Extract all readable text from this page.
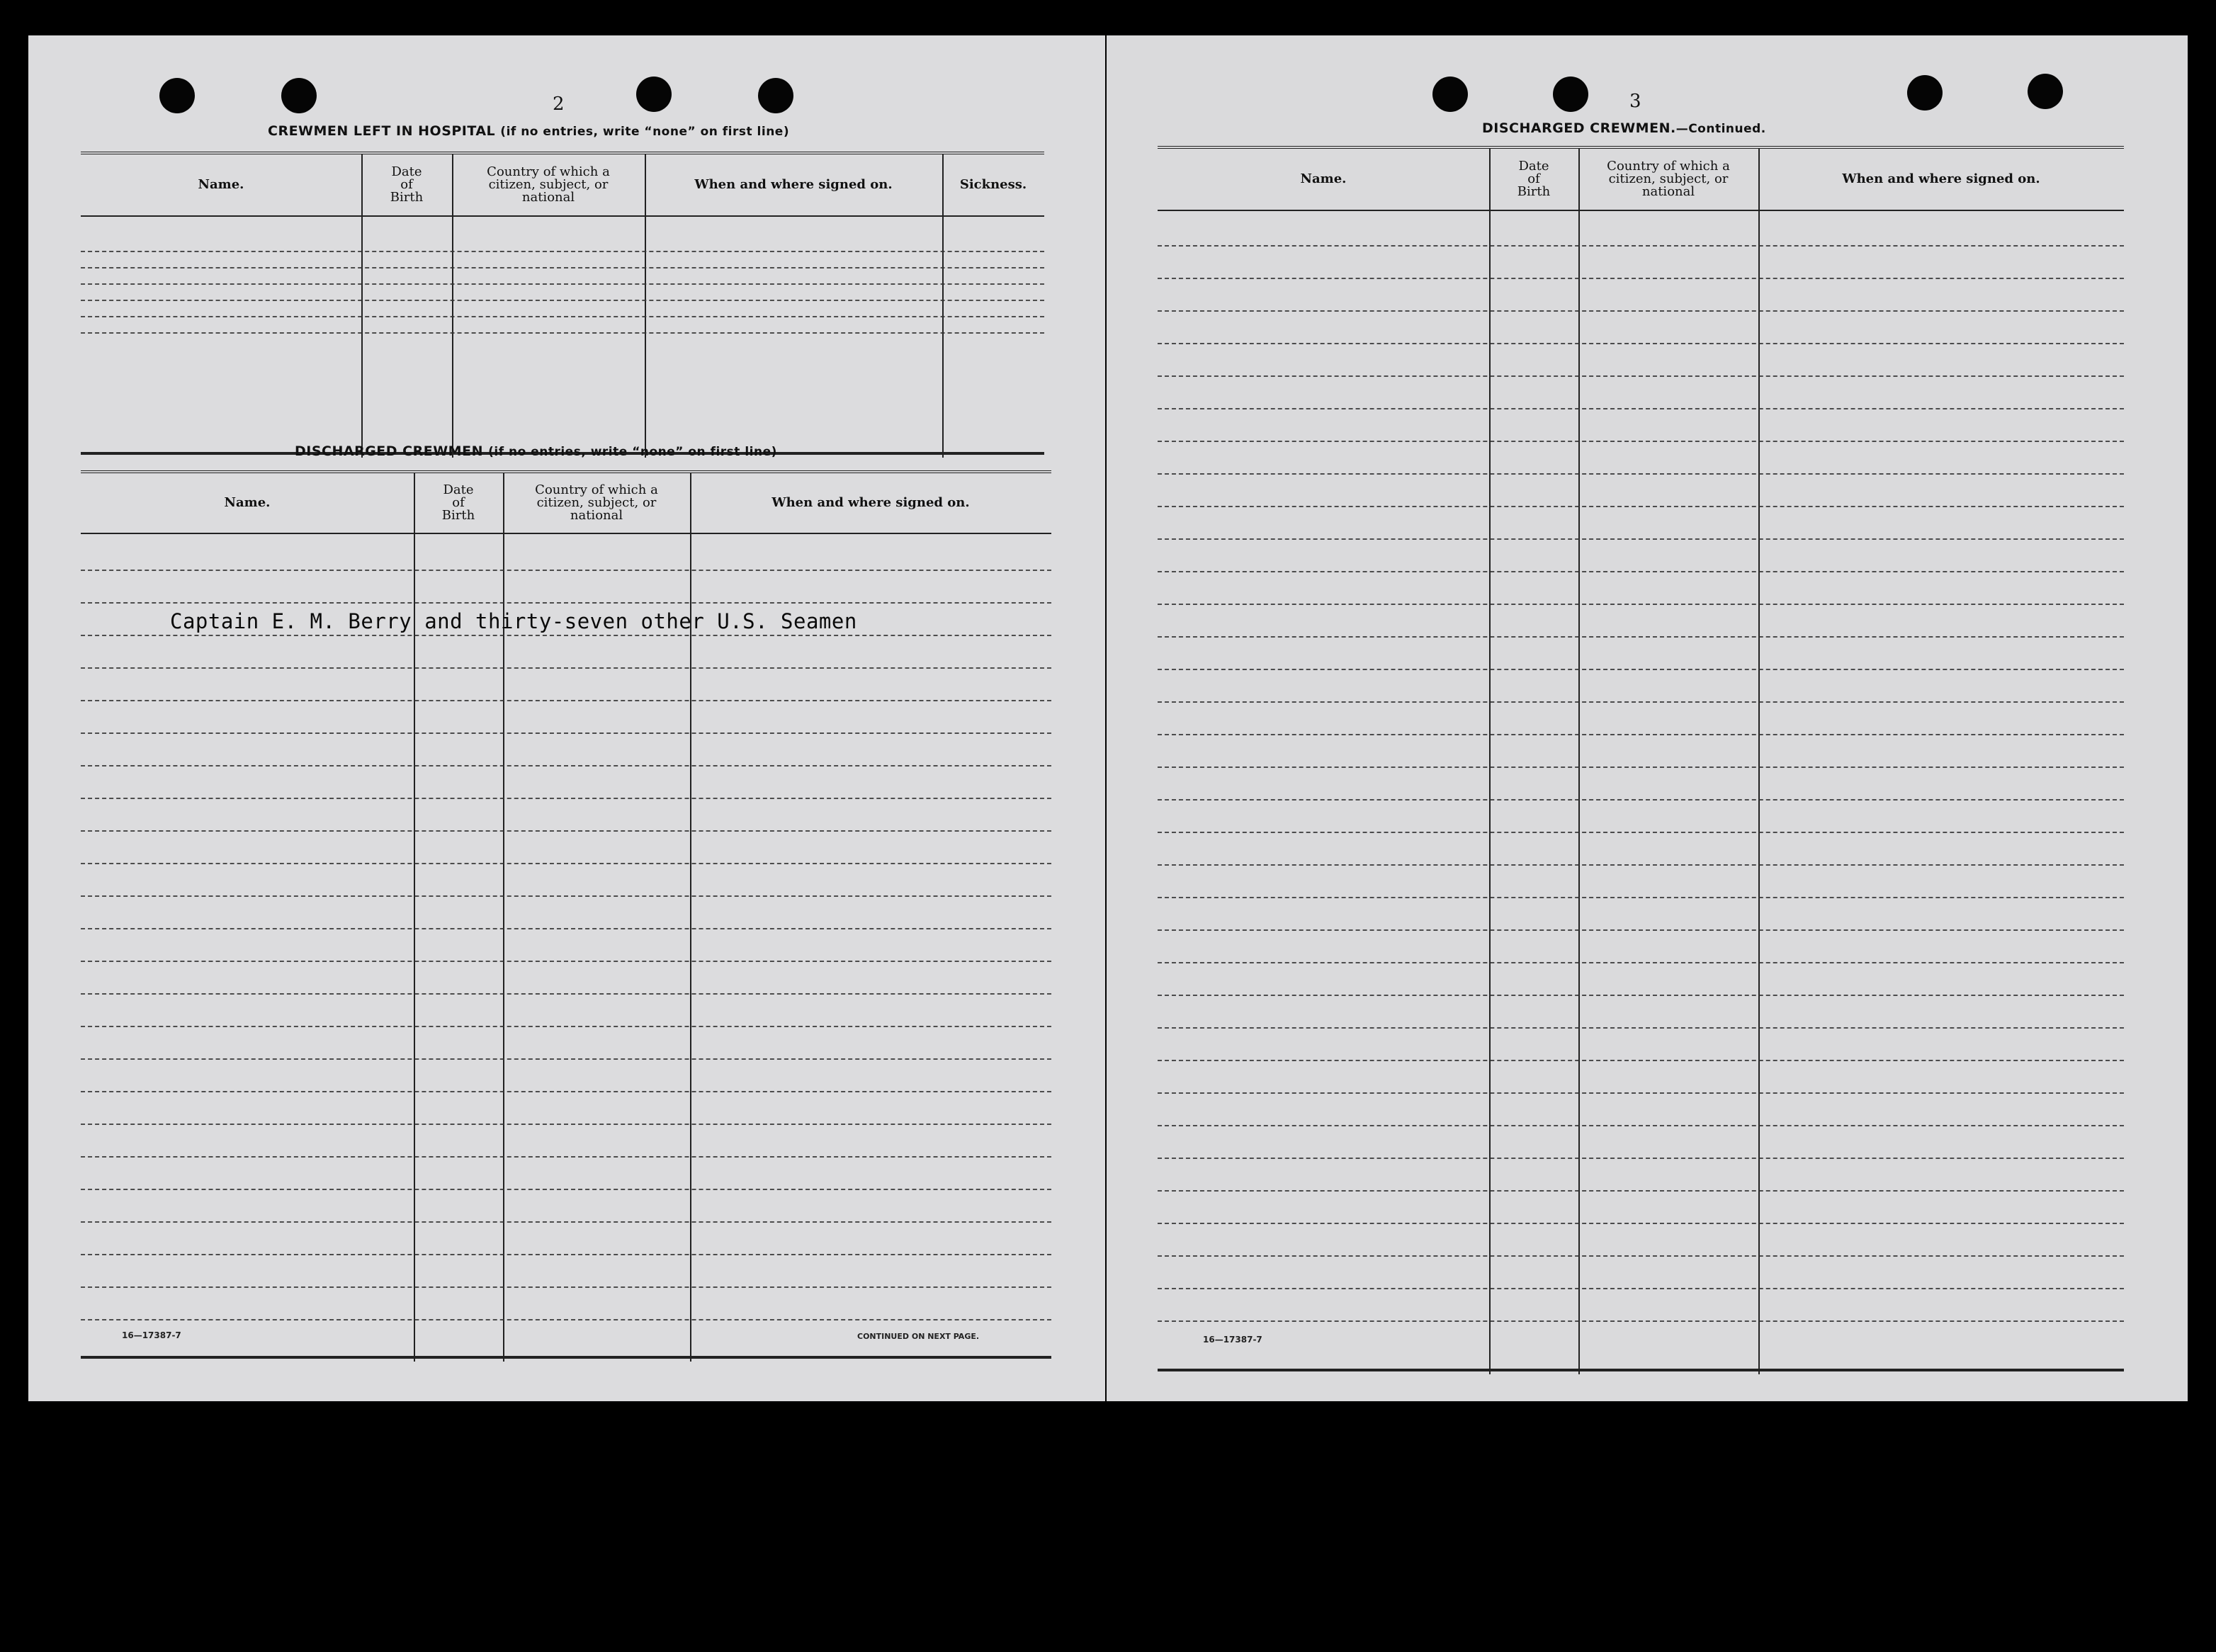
2
CREWMEN LEFT IN HOSPITAL (if no entries, write “none” on first line)
Name.
Date
of
Birth
Country of which a
citizen, subject, or
national
When and where signed on.	Sickness.
DISCHARGED CREWMEN (if no entries, write “none” on first line)
Name.
Date
of
Birth
Country of which a
citizen, subject, or
national
When and where signed on.
Captain E. M. Berry and thirty-seven other U.S. Seamen
16—17387-7	CONTINUED ON NEXT PAGE.
3
DISCHARGED CREWMEN.—Continued.
Name.
Date
of
Birth
Country of which a
citizen, subject, or
national
When and where signed on.
16—17387-7
